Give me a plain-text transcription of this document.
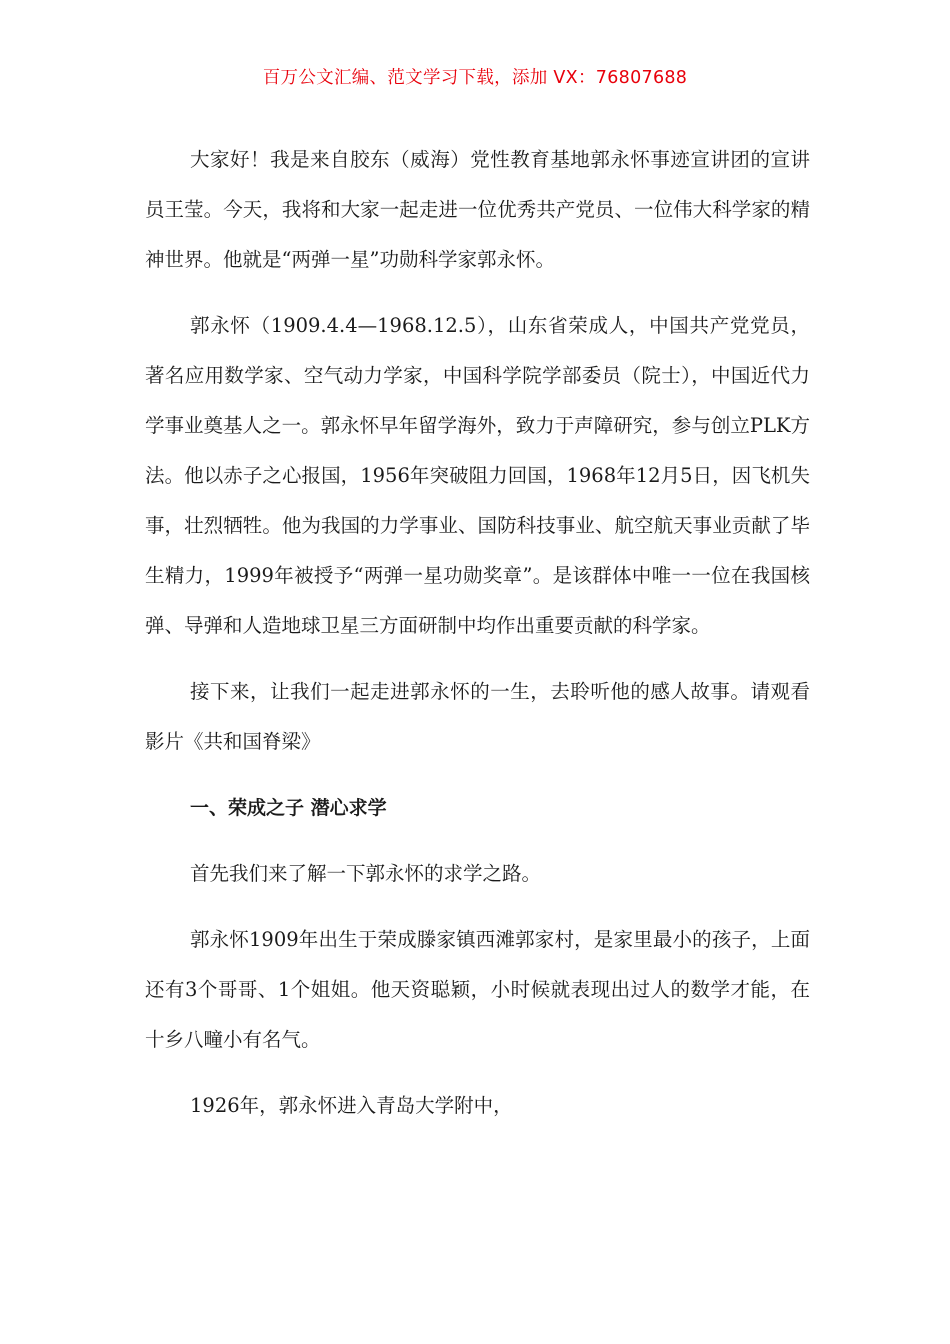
百万公文汇编、范文学习下载，添加 VX：76807688

大家好！我是来自胶东（威海）党性教育基地郭永怀事迹宣讲团的宣讲员王莹。今天，我将和大家一起走进一位优秀共产党员、一位伟大科学家的精神世界。他就是“两弹一星”功勋科学家郭永怀。

郭永怀（1909.4.4—1968.12.5），山东省荣成人，中国共产党党员，著名应用数学家、空气动力学家，中国科学院学部委员（院士），中国近代力学事业奠基人之一。郭永怀早年留学海外，致力于声障研究，参与创立PLK方法。他以赤子之心报国，1956年突破阻力回国，1968年12月5日，因飞机失事，壮烈牺牲。他为我国的力学事业、国防科技事业、航空航天事业贡献了毕生精力，1999年被授予“两弹一星功勋奖章”。是该群体中唯一一位在我国核弹、导弹和人造地球卫星三方面研制中均作出重要贡献的科学家。

接下来，让我们一起走进郭永怀的一生，去聆听他的感人故事。请观看影片《共和国脊梁》

一、荣成之子 潜心求学

首先我们来了解一下郭永怀的求学之路。

郭永怀1909年出生于荣成滕家镇西滩郭家村，是家里最小的孩子，上面还有3个哥哥、1个姐姐。他天资聪颖，小时候就表现出过人的数学才能，在十乡八疃小有名气。

1926年，郭永怀进入青岛大学附中，
